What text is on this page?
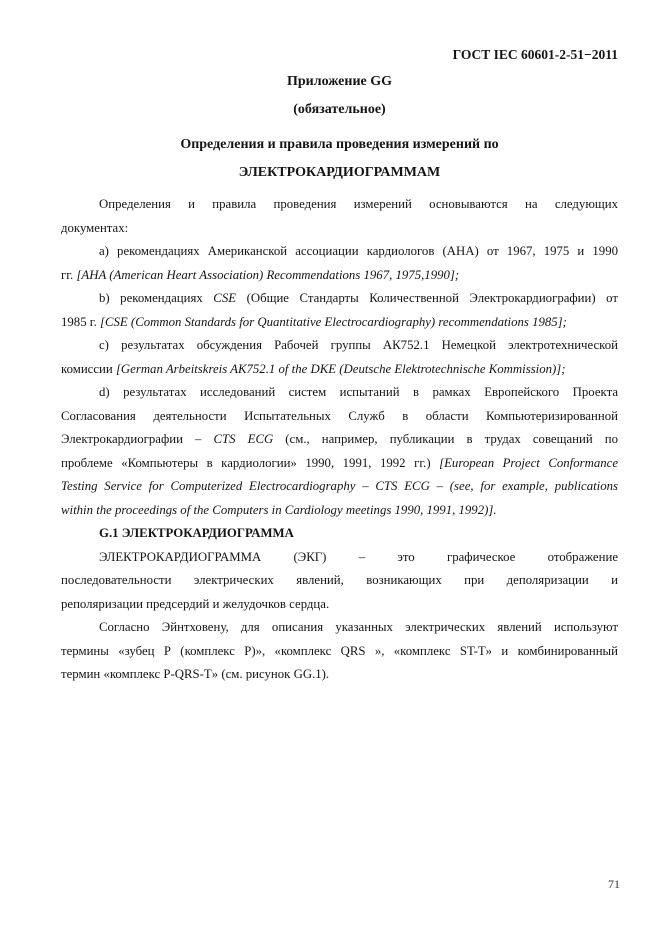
ГОСТ IEC 60601-2-51−2011
Приложение GG
(обязательное)
Определения и правила проведения измерений по
ЭЛЕКТРОКАРДИОГРАММАМ
Определения и правила проведения измерений основываются на следующих
документах:
a) рекомендациях Американской ассоциации кардиологов (АНА) от 1967, 1975 и 1990
гг. [AHA (American Heart Association) Recommendations 1967, 1975,1990];
b) рекомендациях CSE (Общие Стандарты Количественной Электрокардиографии) от
1985 г. [CSE (Common Standards for Quantitative Electrocardiography) recommendations 1985];
с) результатах обсуждения Рабочей группы АК752.1 Немецкой электротехнической
комиссии [German Arbeitskreis AK752.1 of the DKE (Deutsche Elektrotechnische Kommission)];
d) результатах исследований систем испытаний в рамках Европейского Проекта
Согласования деятельности Испытательных Служб в области Компьютеризированной
Электрокардиографии – CTS ECG (см., например, публикации в трудах совещаний по
проблеме «Компьютеры в кардиологии» 1990, 1991, 1992 гг.) [European Project Conformance
Testing Service for Computerized Electrocardiography – CTS ECG – (see, for example, publications
within the proceedings of the Computers in Cardiology meetings 1990, 1991, 1992)].
G.1 ЭЛЕКТРОКАРДИОГРАММА
ЭЛЕКТРОКАРДИОГРАММА (ЭКГ) – это графическое отображение
последовательности электрических явлений, возникающих при деполяризации и
реполяризации предсердий и желудочков сердца.
Согласно Эйнтховену, для описания указанных электрических явлений используют
термины «зубец Р (комплекс Р)», «комплекс QRS », «комплекс ST-T» и комбинированный
термин «комплекс P-QRS-T» (см. рисунок GG.1).
71
